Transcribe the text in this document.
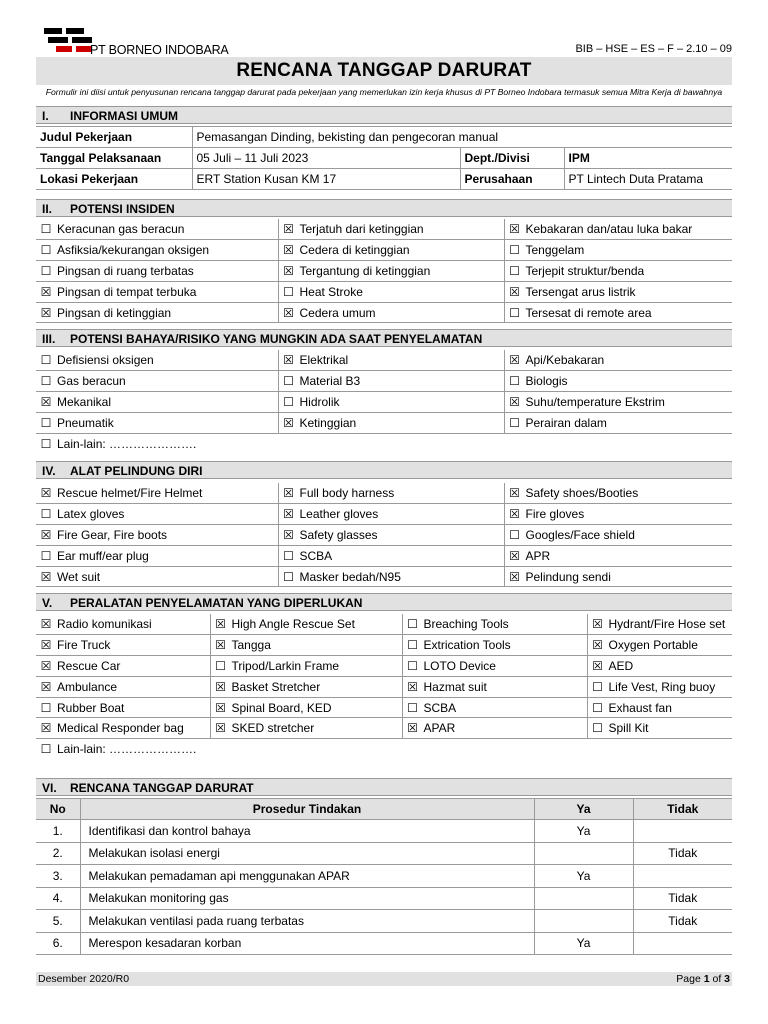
PT BORNEO INDOBARA	BIB – HSE – ES – F – 2.10 – 09
RENCANA TANGGAP DARURAT
Formulir ini diisi untuk penyusunan rencana tanggap darurat pada pekerjaan yang memerlukan izin kerja khusus di PT Borneo Indobara termasuk semua Mitra Kerja di bawahnya
I. INFORMASI UMUM
Judul Pekerjaan	Pemasangan Dinding, bekisting dan pengecoran manual		
Tanggal Pelaksanaan	05 Juli – 11 Juli 2023	Dept./Divisi	IPM
Lokasi Pekerjaan	ERT Station Kusan KM 17	Perusahaan	PT Lintech Duta Pratama
II. POTENSI INSIDEN
☐ Keracunan gas beracun	☒ Terjatuh dari ketinggian	☒ Kebakaran dan/atau luka bakar
☐ Asfiksia/kekurangan oksigen	☒ Cedera di ketinggian	☐ Tenggelam
☐ Pingsan di ruang terbatas	☒ Tergantung di ketinggian	☐ Terjepit struktur/benda
☒ Pingsan di tempat terbuka	☐ Heat Stroke	☒ Tersengat arus listrik
☒ Pingsan di ketinggian	☒ Cedera umum	☐ Tersesat di remote area
III. POTENSI BAHAYA/RISIKO YANG MUNGKIN ADA SAAT PENYELAMATAN
☐ Defisiensi oksigen	☒ Elektrikal	☒ Api/Kebakaran
☐ Gas beracun	☐ Material B3	☐ Biologis
☒ Mekanikal	☐ Hidrolik	☒ Suhu/temperature Ekstrim
☐ Pneumatik	☒ Ketinggian	☐ Perairan dalam
☐ Lain-lain: ………………….		
IV. ALAT PELINDUNG DIRI
☒ Rescue helmet/Fire Helmet	☒ Full body harness	☒ Safety shoes/Booties
☐ Latex gloves	☒ Leather gloves	☒ Fire gloves
☒ Fire Gear, Fire boots	☒ Safety glasses	☐ Googles/Face shield
☐ Ear muff/ear plug	☐ SCBA	☒ APR
☒ Wet suit	☐ Masker bedah/N95	☒ Pelindung sendi
V. PERALATAN PENYELAMATAN YANG DIPERLUKAN
☒ Radio komunikasi	☒ High Angle Rescue Set	☐ Breaching Tools	☒ Hydrant/Fire Hose set
☒ Fire Truck	☒ Tangga	☐ Extrication Tools	☒ Oxygen Portable
☒ Rescue Car	☐ Tripod/Larkin Frame	☐ LOTO Device	☒ AED
☒ Ambulance	☒ Basket Stretcher	☒ Hazmat suit	☐ Life Vest, Ring buoy
☐ Rubber Boat	☒ Spinal Board, KED	☐ SCBA	☐ Exhaust fan
☒ Medical Responder bag	☒ SKED stretcher	☒ APAR	☐ Spill Kit
☐ Lain-lain: ………………….			
VI. RENCANA TANGGAP DARURAT
No	Prosedur Tindakan	Ya	Tidak
1.	Identifikasi dan kontrol bahaya	Ya	
2.	Melakukan isolasi energi		Tidak
3.	Melakukan pemadaman api menggunakan APAR	Ya	
4.	Melakukan monitoring gas		Tidak
5.	Melakukan ventilasi pada ruang terbatas		Tidak
6.	Merespon kesadaran korban	Ya	
Desember 2020/R0	Page 1 of 3
